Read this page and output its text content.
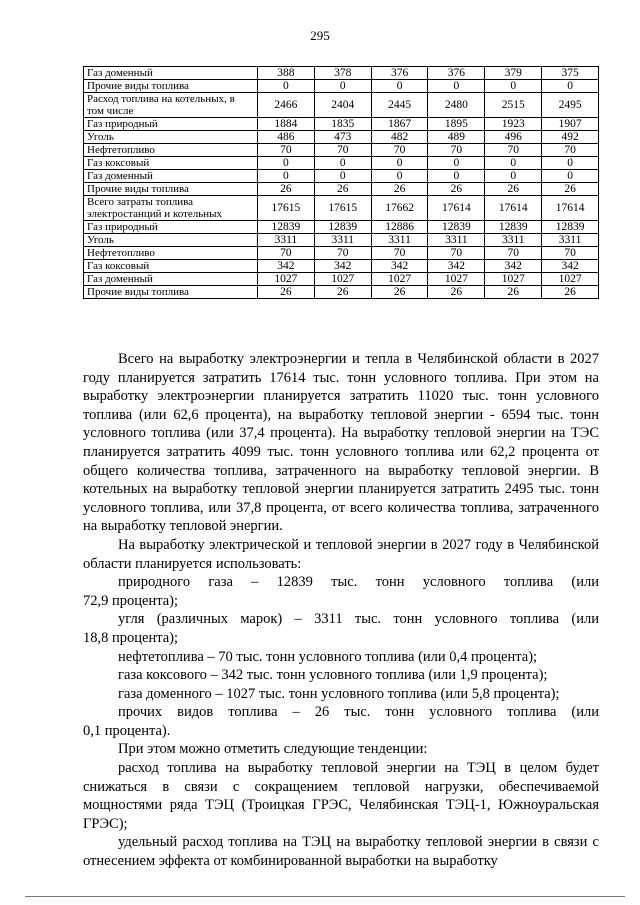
295
Газ доменный	388	378	376	376	379	375
Прочие виды топлива	0	0	0	0	0	0
Расход топлива на котельных, в том числе	2466	2404	2445	2480	2515	2495
Газ природный	1884	1835	1867	1895	1923	1907
Уголь	486	473	482	489	496	492
Нефтетопливо	70	70	70	70	70	70
Газ коксовый	0	0	0	0	0	0
Газ доменный	0	0	0	0	0	0
Прочие виды топлива	26	26	26	26	26	26
Всего затраты топлива электростанций и котельных	17615	17615	17662	17614	17614	17614
Газ природный	12839	12839	12886	12839	12839	12839
Уголь	3311	3311	3311	3311	3311	3311
Нефтетопливо	70	70	70	70	70	70
Газ коксовый	342	342	342	342	342	342
Газ доменный	1027	1027	1027	1027	1027	1027
Прочие виды топлива	26	26	26	26	26	26

Всего на выработку электроэнергии и тепла в Челябинской области в 2027 году планируется затратить 17614 тыс. тонн условного топлива. При этом на выработку электроэнергии планируется затратить 11020 тыс. тонн условного топлива (или 62,6 процента), на выработку тепловой энергии - 6594 тыс. тонн условного топлива (или 37,4 процента). На выработку тепловой энергии на ТЭС планируется затратить 4099 тыс. тонн условного топлива или 62,2 процента от общего количества топлива, затраченного на выработку тепловой энергии. В котельных на выработку тепловой энергии планируется затратить 2495 тыс. тонн условного топлива, или 37,8 процента, от всего количества топлива, затраченного на выработку тепловой энергии.

На выработку электрической и тепловой энергии в 2027 году в Челябинской области планируется использовать:

природного газа – 12839 тыс. тонн условного топлива (или

72,9 процента);

угля (различных марок) – 3311 тыс. тонн условного топлива (или

18,8 процента);

нефтетоплива – 70 тыс. тонн условного топлива (или 0,4 процента);

газа коксового – 342 тыс. тонн условного топлива (или 1,9 процента);

газа доменного – 1027 тыс. тонн условного топлива (или 5,8 процента);

прочих видов топлива – 26 тыс. тонн условного топлива (или

0,1 процента).

При этом можно отметить следующие тенденции:

расход топлива на выработку тепловой энергии на ТЭЦ в целом будет снижаться в связи с сокращением тепловой нагрузки, обеспечиваемой мощностями ряда ТЭЦ (Троицкая ГРЭС, Челябинская ТЭЦ-1, Южноуральская ГРЭС);

удельный расход топлива на ТЭЦ на выработку тепловой энергии в связи с отнесением эффекта от комбинированной выработки на выработку
